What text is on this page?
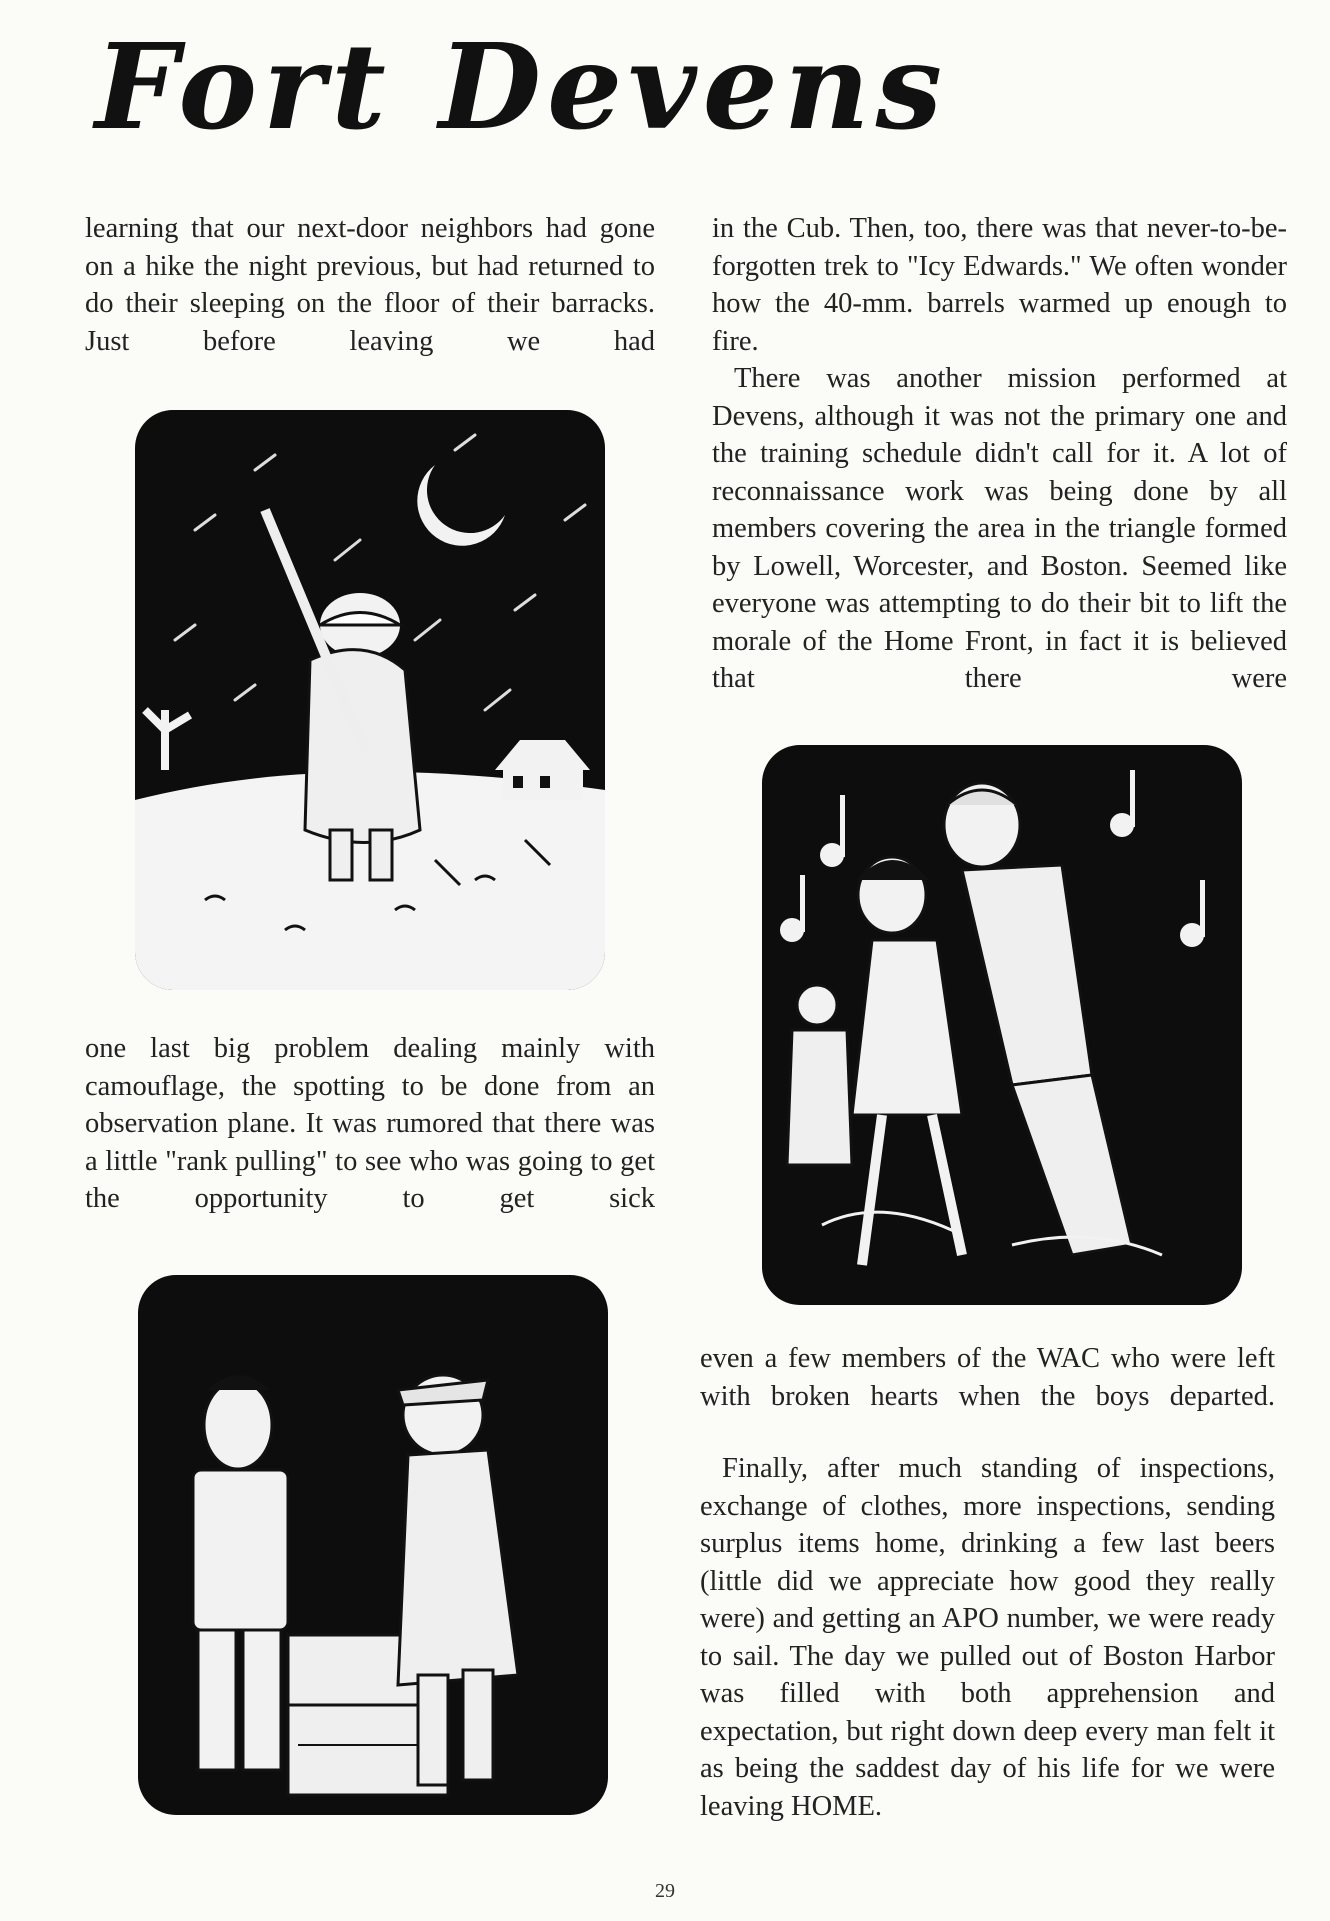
Fort Devens

learning that our next-door neighbors had gone on a hike the night previous, but had returned to do their sleeping on the floor of their barracks. Just before leaving we had

one last big problem dealing mainly with camouflage, the spotting to be done from an observation plane. It was rumored that there was a little "rank pulling" to see who was going to get the opportunity to get sick

in the Cub. Then, too, there was that never-to-be-forgotten trek to "Icy Edwards." We often wonder how the 40-mm. barrels warmed up enough to fire.

There was another mission performed at Devens, although it was not the primary one and the training schedule didn't call for it. A lot of reconnaissance work was being done by all members covering the area in the triangle formed by Lowell, Worcester, and Boston. Seemed like everyone was attempting to do their bit to lift the morale of the Home Front, in fact it is believed that there were

even a few members of the WAC who were left with broken hearts when the boys departed.

Finally, after much standing of inspections, exchange of clothes, more inspections, sending surplus items home, drinking a few last beers (little did we appreciate how good they really were) and getting an APO number, we were ready to sail. The day we pulled out of Boston Harbor was filled with both apprehension and expectation, but right down deep every man felt it as being the saddest day of his life for we were leaving HOME.

29
